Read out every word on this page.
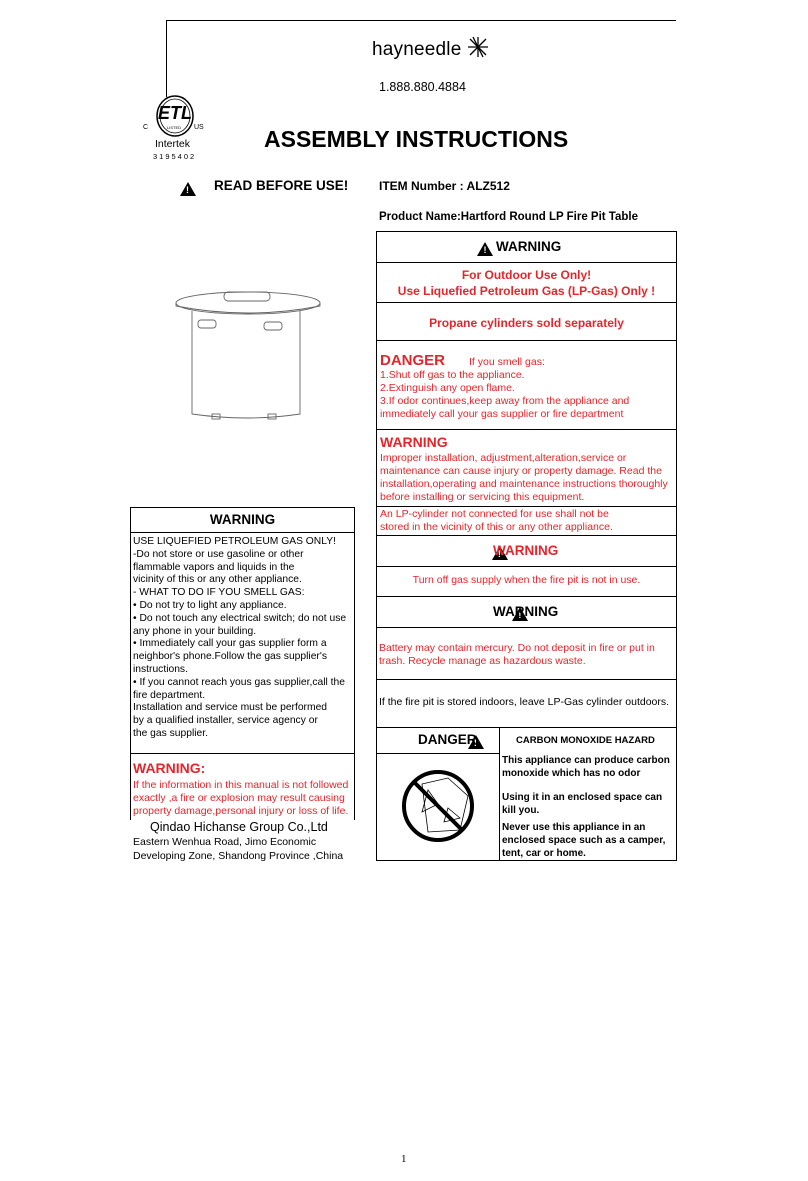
hayneedle
1.888.880.4884
ETL
LISTED
C	US
Intertek
3195402
ASSEMBLY INSTRUCTIONS
!
READ BEFORE USE!	ITEM Number : ALZ512
Product Name:Hartford Round LP Fire Pit Table
!
WARNING
For Outdoor Use Only!
Use Liquefied Petroleum Gas (LP-Gas) Only !
Propane cylinders sold separately
DANGER If you smell gas:
1.Shut off gas to the appliance.
2.Extinguish any open flame.
3.If odor continues,keep away from the appliance and
immediately call your gas supplier or fire department
WARNING
Improper installation, adjustment,alteration,service or
maintenance can cause injury or property damage. Read the
installation,operating and maintenance instructions thoroughly
before installing or servicing this equipment.
An LP-cylinder not connected for use shall not be
stored in the vicinity of this or any other appliance.
!
WARNING
Turn off gas supply when the fire pit is not in use.
!
WARNING
Battery may contain mercury. Do not deposit in fire or put in
trash. Recycle manage as hazardous waste.
If the fire pit is stored indoors, leave LP-Gas cylinder outdoors.
!
DANGER	CARBON MONOXIDE HAZARD
This appliance can produce carbon monoxide which has no odor
Using it in an enclosed space can kill you.
Never use this appliance in an enclosed space such as a camper, tent, car or home.
WARNING
USE LIQUEFIED PETROLEUM GAS ONLY!
-Do not store or use gasoline or other
flammable vapors and liquids in the
vicinity of this or any other appliance.
- WHAT TO DO IF YOU SMELL GAS:
• Do not try to light any appliance.
• Do not touch any electrical switch; do not use
any phone in your building.
• Immediately call your gas supplier form a
neighbor's phone.Follow the gas supplier's
instructions.
• If you cannot reach yous gas supplier,call the
fire department.
Installation and service must be performed
by a qualified installer, service agency or
the gas supplier.
WARNING:
If the information in this manual is not followed
exactly ,a fire or explosion may result causing
property damage,personal injury or loss of life.
Qindao Hichanse Group Co.,Ltd
Eastern Wenhua Road, Jimo Economic
Developing Zone, Shandong Province ,China
1
